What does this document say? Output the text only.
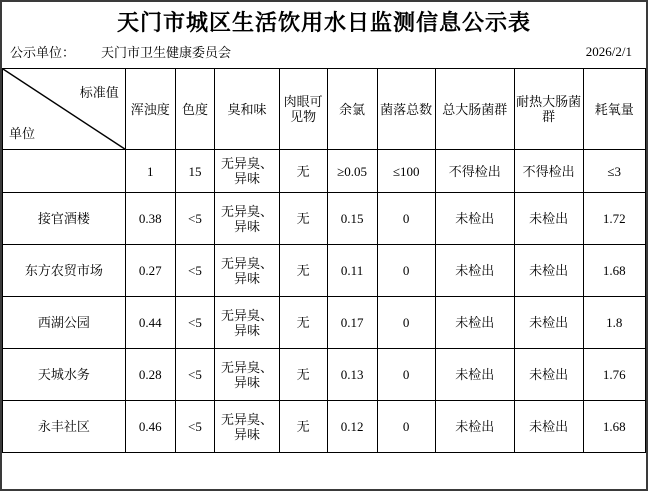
天门市城区生活饮用水日监测信息公示表
公示单位： 天门市卫生健康委员会	2026/2/1
标准值
单位	浑浊度	色度	臭和味	肉眼可见物	余氯	菌落总数	总大肠菌群	耐热大肠菌群	耗氧量
	1	15	无异臭、异味	无	≥0.05	≤100	不得检出	不得检出	≤3
接官酒楼	0.38	<5	无异臭、异味	无	0.15	0	未检出	未检出	1.72
东方农贸市场	0.27	<5	无异臭、异味	无	0.11	0	未检出	未检出	1.68
西湖公园	0.44	<5	无异臭、异味	无	0.17	0	未检出	未检出	1.8
天城水务	0.28	<5	无异臭、异味	无	0.13	0	未检出	未检出	1.76
永丰社区	0.46	<5	无异臭、异味	无	0.12	0	未检出	未检出	1.68
